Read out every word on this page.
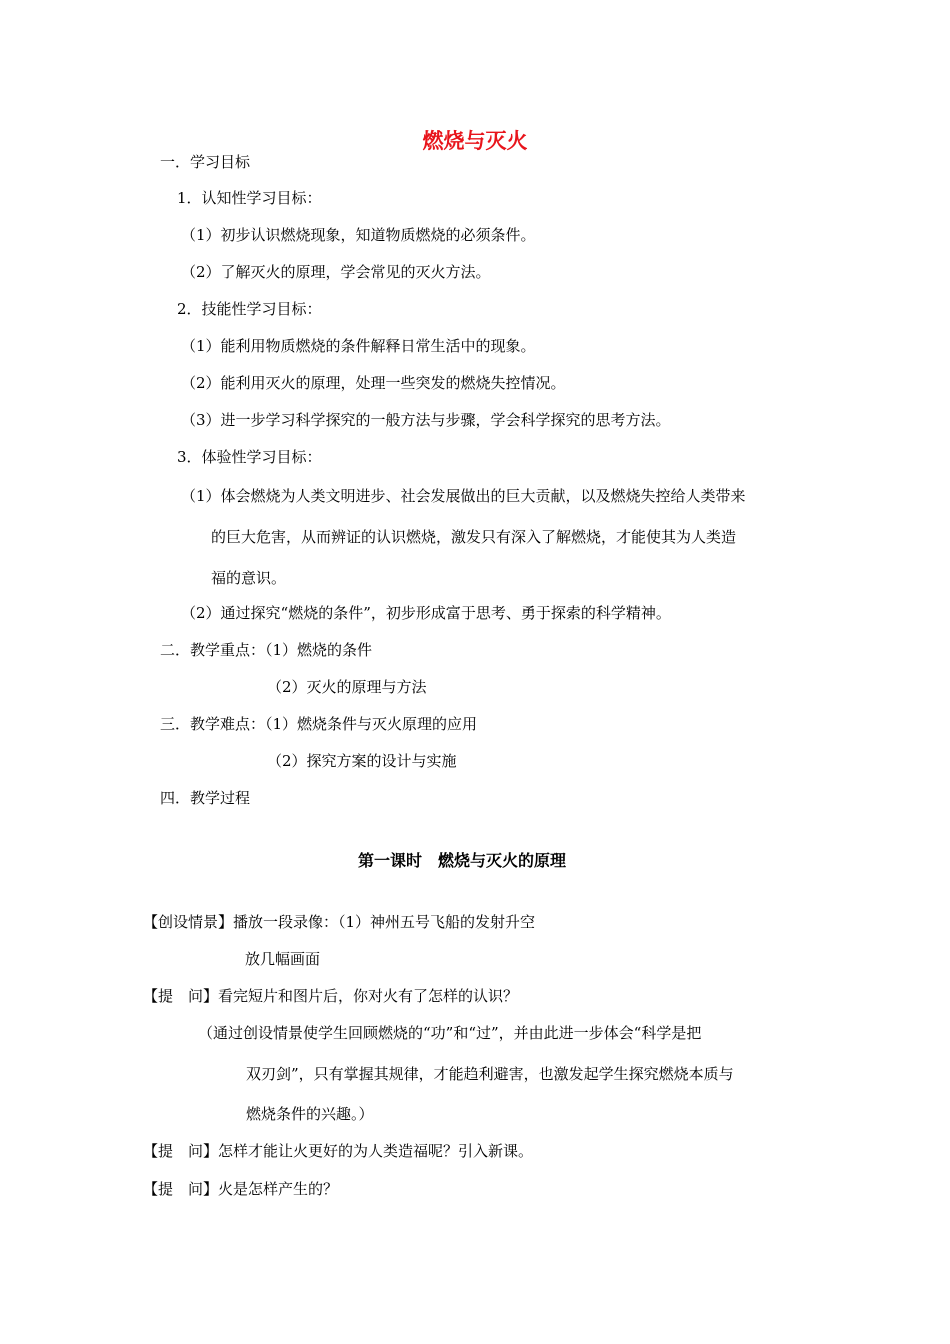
燃烧与灭火
一．学习目标
1．认知性学习目标：
（1）初步认识燃烧现象，知道物质燃烧的必须条件。
（2）了解灭火的原理，学会常见的灭火方法。
2．技能性学习目标：
（1）能利用物质燃烧的条件解释日常生活中的现象。
（2）能利用灭火的原理，处理一些突发的燃烧失控情况。
（3）进一步学习科学探究的一般方法与步骤，学会科学探究的思考方法。
3．体验性学习目标：
（1）体会燃烧为人类文明进步、社会发展做出的巨大贡献，以及燃烧失控给人类带来
的巨大危害，从而辨证的认识燃烧，激发只有深入了解燃烧，才能使其为人类造
福的意识。
（2）通过探究“燃烧的条件”，初步形成富于思考、勇于探索的科学精神。
二．教学重点：（1）燃烧的条件
（2）灭火的原理与方法
三．教学难点：（1）燃烧条件与灭火原理的应用
（2）探究方案的设计与实施
四．教学过程
第一课时　燃烧与灭火的原理
【创设情景】播放一段录像：（1）神州五号飞船的发射升空
放几幅画面
【提　问】看完短片和图片后，你对火有了怎样的认识？
（通过创设情景使学生回顾燃烧的“功”和“过”，并由此进一步体会“科学是把
双刃剑”，只有掌握其规律，才能趋利避害，也激发起学生探究燃烧本质与
燃烧条件的兴趣。）
【提　问】怎样才能让火更好的为人类造福呢？引入新课。
【提　问】火是怎样产生的？
